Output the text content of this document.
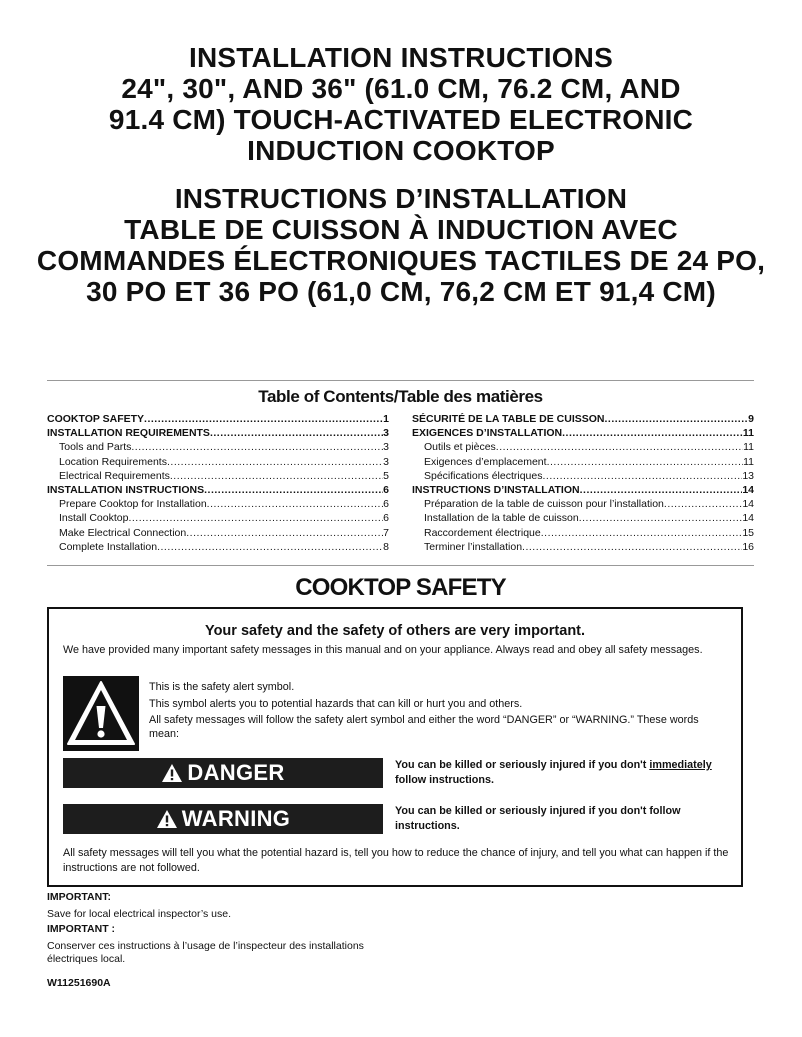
INSTALLATION INSTRUCTIONS
24", 30", AND 36" (61.0 CM, 76.2 CM, AND
91.4 CM) TOUCH-ACTIVATED ELECTRONIC
INDUCTION COOKTOP
INSTRUCTIONS D’INSTALLATION
TABLE DE CUISSON À INDUCTION AVEC
COMMANDES ÉLECTRONIQUES TACTILES DE 24 PO,
30 PO ET 36 PO (61,0 CM, 76,2 CM ET 91,4 CM)
Table of Contents/Table des matières
COOKTOP SAFETY .....	1
INSTALLATION REQUIREMENTS .....	3
Tools and Parts .....	3
Location Requirements .....	3
Electrical Requirements .....	5
INSTALLATION INSTRUCTIONS .....	6
Prepare Cooktop for Installation .....	6
Install Cooktop .....	6
Make Electrical Connection .....	7
Complete Installation .....	8
SÉCURITÉ DE LA TABLE DE CUISSON .....	9
EXIGENCES D’INSTALLATION .....	11
Outils et pièces .....	11
Exigences d’emplacement .....	11
Spécifications électriques .....	13
INSTRUCTIONS D’INSTALLATION .....	14
Préparation de la table de cuisson pour l’installation .....	14
Installation de la table de cuisson .....	14
Raccordement électrique .....	15
Terminer l’installation .....	16
COOKTOP SAFETY
Your safety and the safety of others are very important.
We have provided many important safety messages in this manual and on your appliance. Always read and obey all safety messages.
This is the safety alert symbol.
This symbol alerts you to potential hazards that can kill or hurt you and others.
All safety messages will follow the safety alert symbol and either the word “DANGER” or “WARNING.” These words mean:
DANGER	You can be killed or seriously injured if you don't immediately follow instructions.
WARNING	You can be killed or seriously injured if you don't follow instructions.
All safety messages will tell you what the potential hazard is, tell you how to reduce the chance of injury, and tell you what can happen if the instructions are not followed.
IMPORTANT:
Save for local electrical inspector’s use.
IMPORTANT :
Conserver ces instructions à l’usage de l’inspecteur des installations électriques local.
W11251690A
